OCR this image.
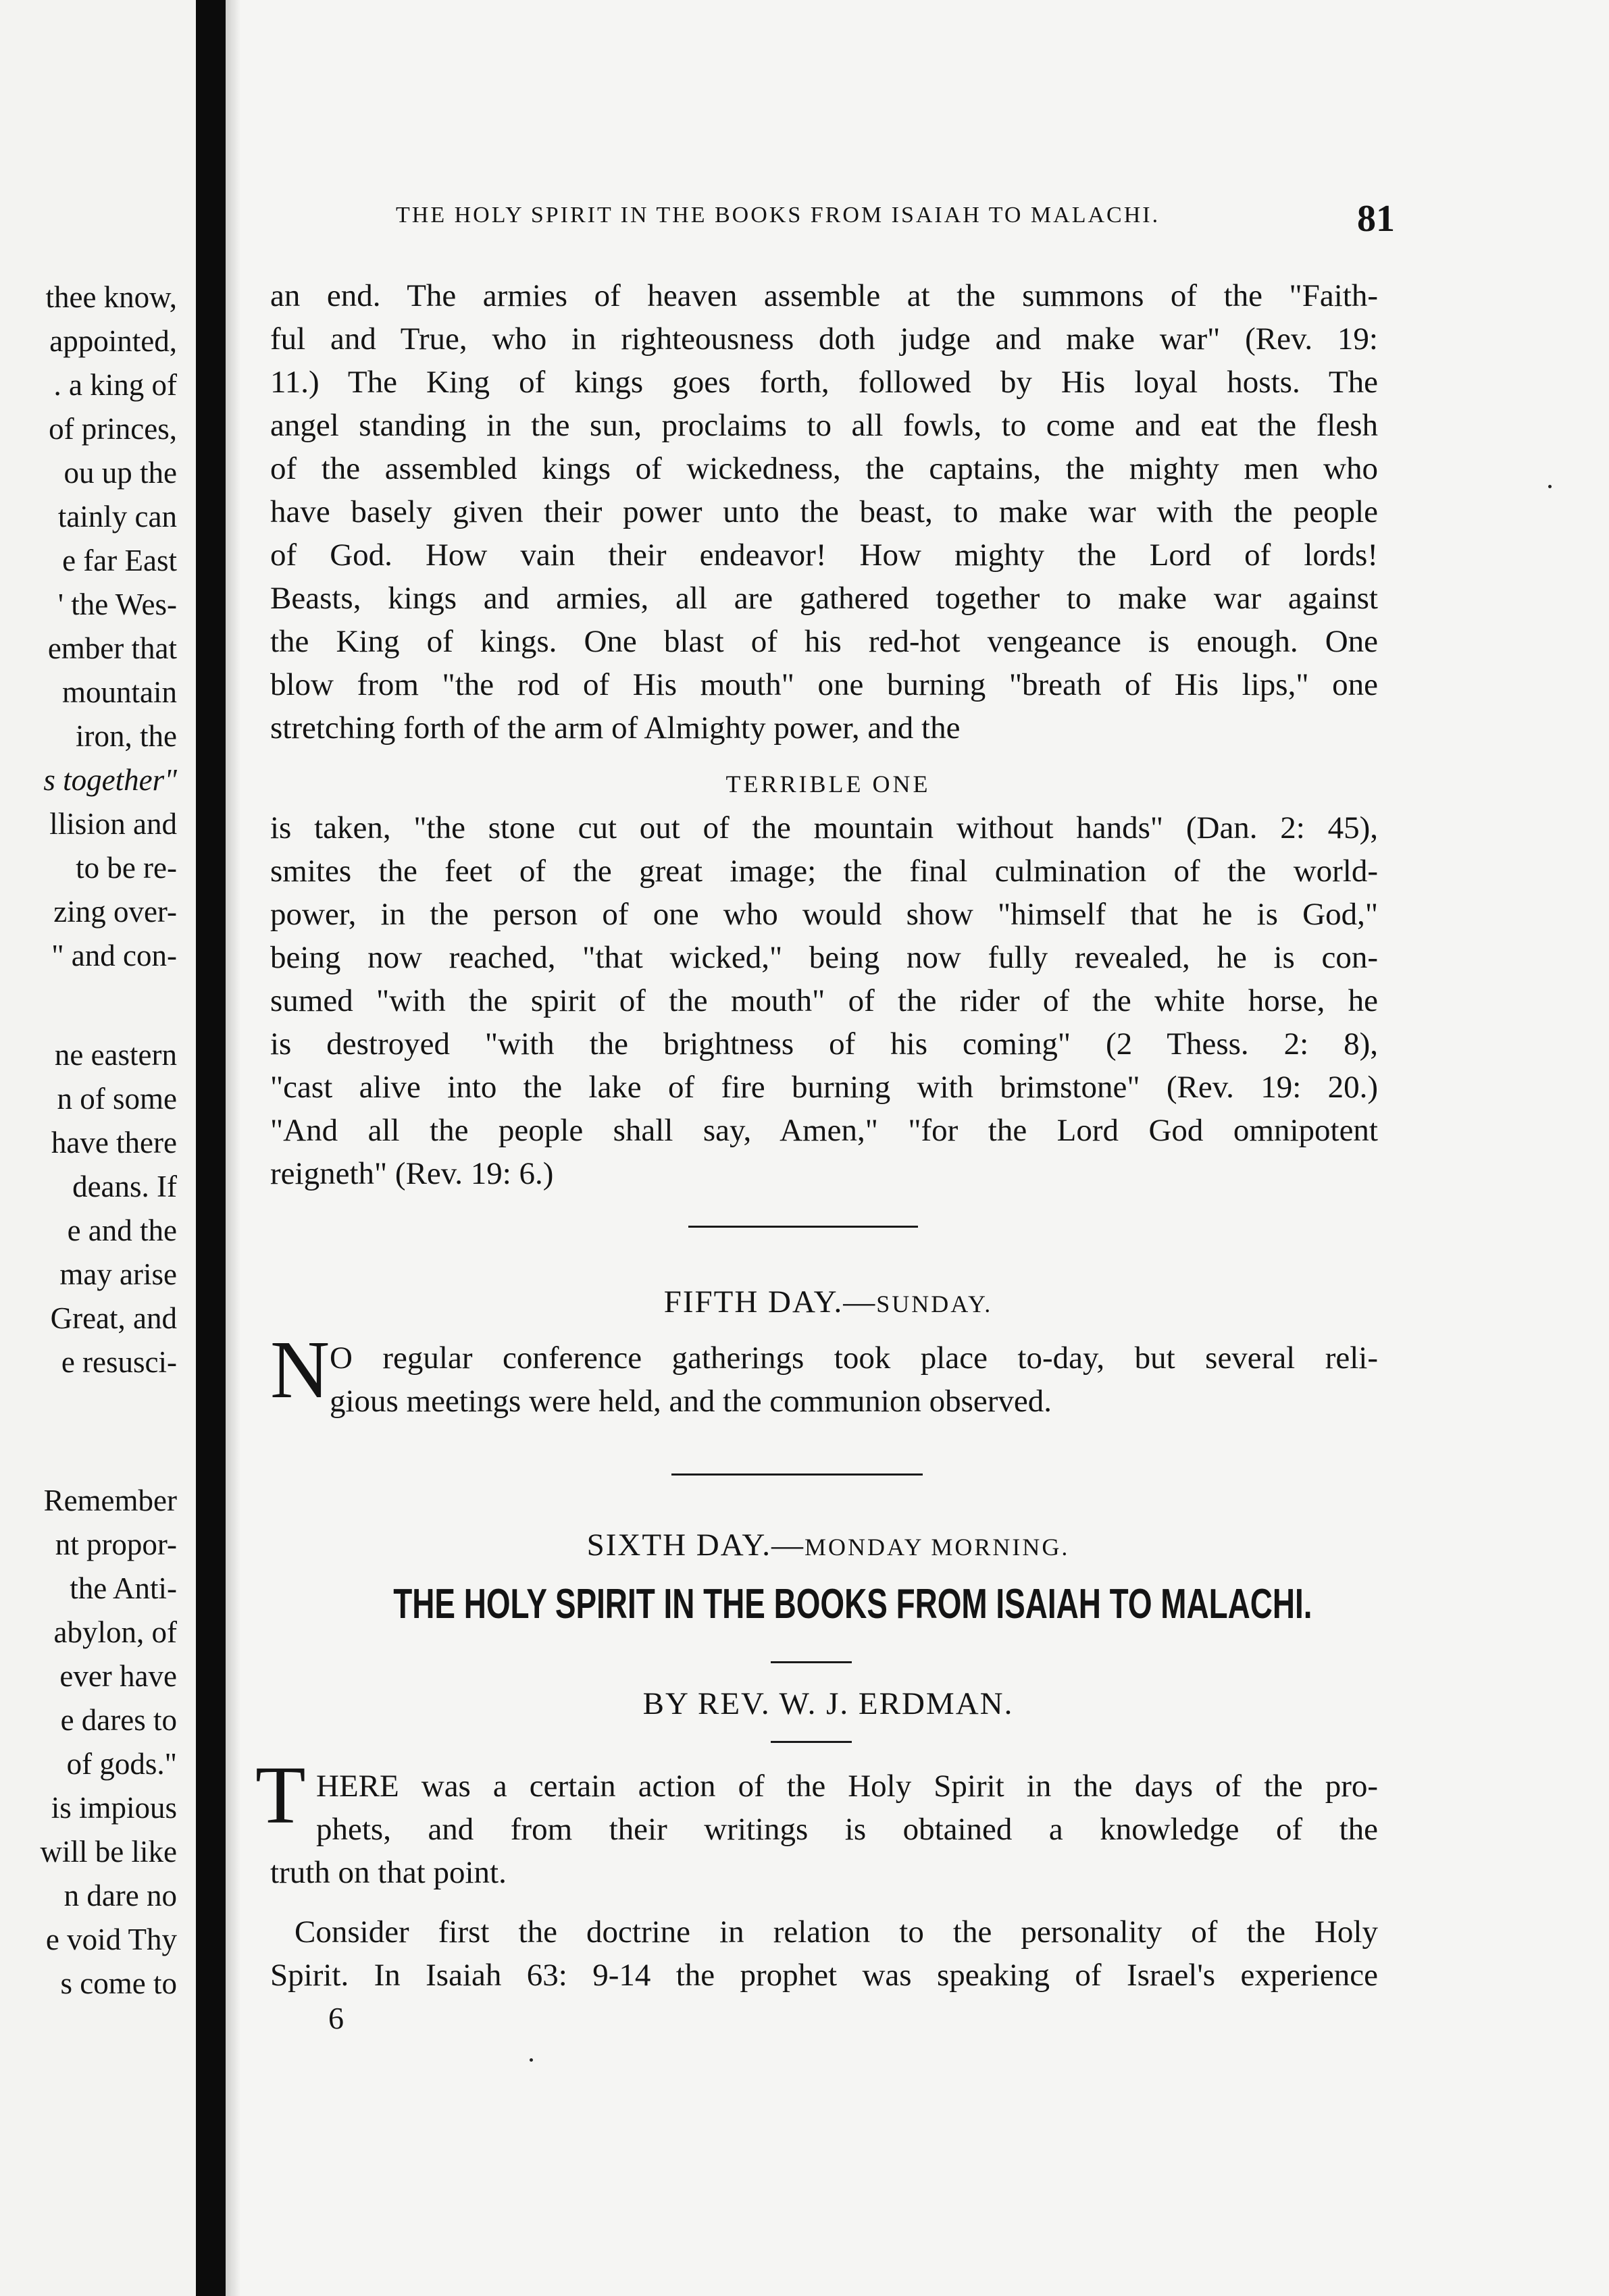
thee know,
appointed,
. a king of
of princes,
ou up the
tainly can
e far East
' the Wes-
ember that
mountain
iron, the
s together"
llision and
to be re-
zing over-
" and con-
ne eastern
n of some
have there
deans. If
e and the
may arise
Great, and
e resusci-
Remember
nt propor-
the Anti-
abylon, of
ever have
e dares to
of gods."
is impious
will be like
n dare no
e void Thy
s come to
THE HOLY SPIRIT IN THE BOOKS FROM ISAIAH TO MALACHI.	81
an end. The armies of heaven assemble at the summons of the "Faith-
ful and True, who in righteousness doth judge and make war" (Rev. 19:
11.) The King of kings goes forth, followed by His loyal hosts. The
angel standing in the sun, proclaims to all fowls, to come and eat the flesh
of the assembled kings of wickedness, the captains, the mighty men who
have basely given their power unto the beast, to make war with the people
of God. How vain their endeavor! How mighty the Lord of lords!
Beasts, kings and armies, all are gathered together to make war against
the King of kings. One blast of his red-hot vengeance is enough. One
blow from "the rod of His mouth" one burning "breath of His lips," one
stretching forth of the arm of Almighty power, and the
TERRIBLE ONE
is taken, "the stone cut out of the mountain without hands" (Dan. 2: 45),
smites the feet of the great image; the final culmination of the world-
power, in the person of one who would show "himself that he is God,"
being now reached, "that wicked," being now fully revealed, he is con-
sumed "with the spirit of the mouth" of the rider of the white horse, he
is destroyed "with the brightness of his coming" (2 Thess. 2: 8),
"cast alive into the lake of fire burning with brimstone" (Rev. 19: 20.)
"And all the people shall say, Amen," "for the Lord God omnipotent
reigneth" (Rev. 19: 6.)
FIFTH DAY.—SUNDAY.
N O regular conference gatherings took place to-day, but several reli-
gious meetings were held, and the communion observed.
SIXTH DAY.—MONDAY MORNING.
THE HOLY SPIRIT IN THE BOOKS FROM ISAIAH TO MALACHI.
BY REV. W. J. ERDMAN.
T HERE was a certain action of the Holy Spirit in the days of the pro-
phets, and from their writings is obtained a knowledge of the
truth on that point.
Consider first the doctrine in relation to the personality of the Holy
Spirit. In Isaiah 63: 9-14 the prophet was speaking of Israel's experience
6
